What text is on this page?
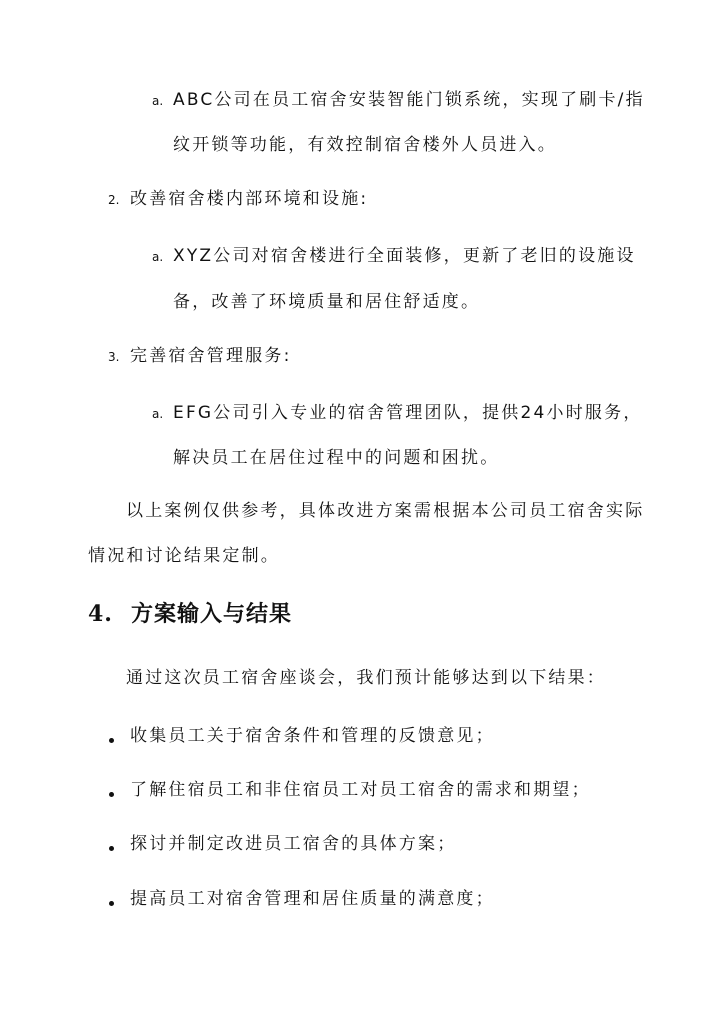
a. ABC公司在员工宿舍安装智能门锁系统，实现了刷卡/指
纹开锁等功能，有效控制宿舍楼外人员进入。
2. 改善宿舍楼内部环境和设施:
a. XYZ公司对宿舍楼进行全面装修，更新了老旧的设施设
备，改善了环境质量和居住舒适度。
3. 完善宿舍管理服务:
a. EFG公司引入专业的宿舍管理团队，提供24小时服务，
解决员工在居住过程中的问题和困扰。
以上案例仅供参考，具体改进方案需根据本公司员工宿舍实际
情况和讨论结果定制。
4. 方案输入与结果
通过这次员工宿舍座谈会，我们预计能够达到以下结果：
收集员工关于宿舍条件和管理的反馈意见；
了解住宿员工和非住宿员工对员工宿舍的需求和期望；
探讨并制定改进员工宿舍的具体方案；
提高员工对宿舍管理和居住质量的满意度；
